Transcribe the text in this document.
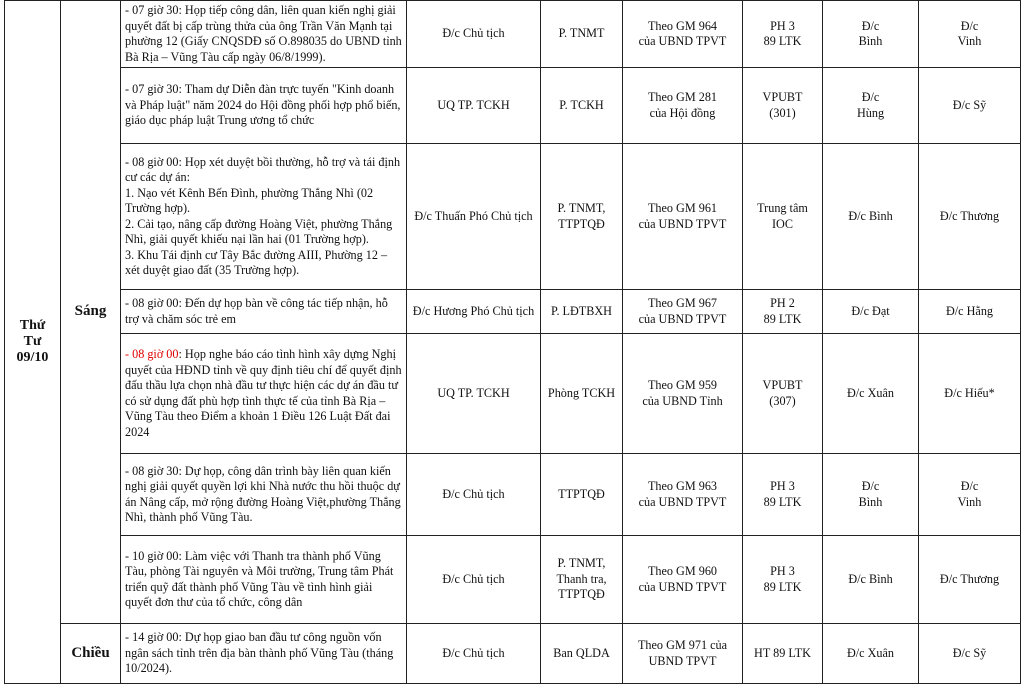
Thứ
Tư
09/10	Sáng	- 07 giờ 30: Họp tiếp công dân, liên quan kiến nghị giải quyết đất bị cấp trùng thửa của ông Trần Văn Mạnh tại phường 12 (Giấy CNQSDĐ số O.898035 do UBND tỉnh Bà Rịa – Vũng Tàu cấp ngày 06/8/1999).	Đ/c Chủ tịch	P. TNMT	Theo GM 964
của UBND TPVT	PH 3
89 LTK	Đ/c
Bình	Đ/c
Vinh

		- 07 giờ 30: Tham dự Diễn đàn trực tuyến "Kinh doanh và Pháp luật" năm 2024 do Hội đồng phối hợp phổ biến, giáo dục pháp luật Trung ương tổ chức	UQ TP. TCKH	P. TCKH	Theo GM 281
của Hội đồng	VPUBT
(301)	Đ/c
Hùng	Đ/c Sỹ

		- 08 giờ 00: Họp xét duyệt bồi thường, hỗ trợ và tái định cư các dự án:
1. Nạo vét Kênh Bến Đình, phường Thắng Nhì (02 Trường hợp).
2. Cải tạo, nâng cấp đường Hoàng Việt, phường Thắng Nhì, giải quyết khiếu nại lần hai (01 Trường hợp).
3. Khu Tái định cư Tây Bắc đường AIII, Phường 12 – xét duyệt giao đất (35 Trường hợp).	Đ/c Thuấn Phó Chủ tịch	P. TNMT,
TTPTQĐ	Theo GM 961
của UBND TPVT	Trung tâm IOC	Đ/c Bình	Đ/c Thương

		- 08 giờ 00: Đến dự họp bàn về công tác tiếp nhận, hỗ trợ và chăm sóc trẻ em	Đ/c Hương Phó Chủ tịch	P. LĐTBXH	Theo GM 967
của UBND TPVT	PH 2
89 LTK	Đ/c Đạt	Đ/c Hằng

		- 08 giờ 00: Họp nghe báo cáo tình hình xây dựng Nghị quyết của HĐND tỉnh về quy định tiêu chí để quyết định đấu thầu lựa chọn nhà đầu tư thực hiện các dự án đầu tư có sử dụng đất phù hợp tình thực tế của tỉnh Bà Rịa –Vũng Tàu theo Điểm a khoản 1 Điều 126 Luật Đất đai 2024	UQ TP. TCKH	Phòng TCKH	Theo GM 959
của UBND Tỉnh	VPUBT
(307)	Đ/c Xuân	Đ/c Hiếu*

		- 08 giờ 30: Dự họp, công dân trình bày liên quan kiến nghị giải quyết quyền lợi khi Nhà nước thu hồi thuộc dự án Nâng cấp, mở rộng đường Hoàng Việt,phường Thắng Nhì, thành phố Vũng Tàu.	Đ/c Chủ tịch	TTPTQĐ	Theo GM 963
của UBND TPVT	PH 3
89 LTK	Đ/c
Bình	Đ/c
Vinh

		- 10 giờ 00: Làm việc với Thanh tra thành phố Vũng Tàu, phòng Tài nguyên và Môi trường, Trung tâm Phát triển quỹ đất thành phố Vũng Tàu về tình hình giải quyết đơn thư của tổ chức, công dân	Đ/c Chủ tịch	P. TNMT,
Thanh tra,
TTPTQĐ	Theo GM 960
của UBND TPVT	PH 3
89 LTK	Đ/c Bình	Đ/c Thương

	Chiều	- 14 giờ 00: Dự họp giao ban đầu tư công nguồn vốn ngân sách tỉnh trên địa bàn thành phố Vũng Tàu (tháng 10/2024).	Đ/c Chủ tịch	Ban QLDA	Theo GM 971 của
UBND TPVT	HT 89 LTK	Đ/c Xuân	Đ/c Sỹ
